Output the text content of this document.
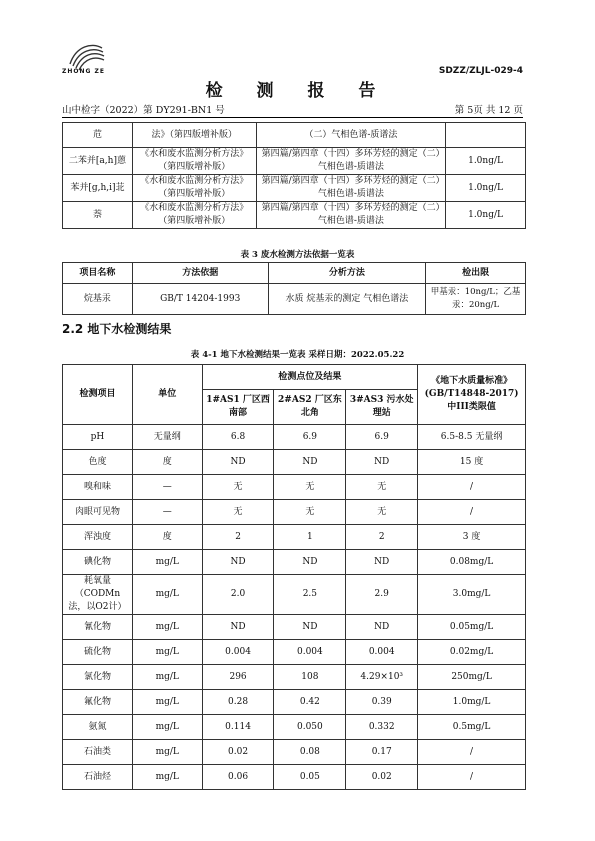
ZHONG ZE	SDZZ/ZLJL-029-4
检 测 报 告
山中检字（2022）第 DY291-BN1 号	第 5页 共 12 页
苊	法》（第四版增补版）	（二）气相色谱-质谱法	
二苯并[a,h]蒽	《水和废水监测分析方法》（第四版增补版）	第四篇/第四章（十四）多环芳烃的测定（二）气相色谱-质谱法	1.0ng/L
苯并[g,h,i]苝	《水和废水监测分析方法》（第四版增补版）	第四篇/第四章（十四）多环芳烃的测定（二）气相色谱-质谱法	1.0ng/L
萘	《水和废水监测分析方法》（第四版增补版）	第四篇/第四章（十四）多环芳烃的测定（二）气相色谱-质谱法	1.0ng/L
表 3 废水检测方法依据一览表
项目名称	方法依据	分析方法	检出限
烷基汞	GB/T 14204-1993	水质 烷基汞的测定 气相色谱法	甲基汞：10ng/L；乙基汞：20ng/L
2.2 地下水检测结果
表 4-1 地下水检测结果一览表 采样日期：2022.05.22
检测项目	单位	检测点位及结果			《地下水质量标准》(GB/T14848-2017) 中III类限值
		1#AS1 厂区西南部	2#AS2 厂区东北角	3#AS3 污水处理站	
pH	无量纲	6.8	6.9	6.9	6.5-8.5 无量纲
色度	度	ND	ND	ND	15 度
嗅和味	—	无	无	无	/
肉眼可见物	—	无	无	无	/
浑浊度	度	2	1	2	3 度
碘化物	mg/L	ND	ND	ND	0.08mg/L
耗氧量（CODMn法，以O2计）	mg/L	2.0	2.5	2.9	3.0mg/L
氰化物	mg/L	ND	ND	ND	0.05mg/L
硫化物	mg/L	0.004	0.004	0.004	0.02mg/L
氯化物	mg/L	296	108	4.29×10³	250mg/L
氟化物	mg/L	0.28	0.42	0.39	1.0mg/L
氨氮	mg/L	0.114	0.050	0.332	0.5mg/L
石油类	mg/L	0.02	0.08	0.17	/
石油烃	mg/L	0.06	0.05	0.02	/
